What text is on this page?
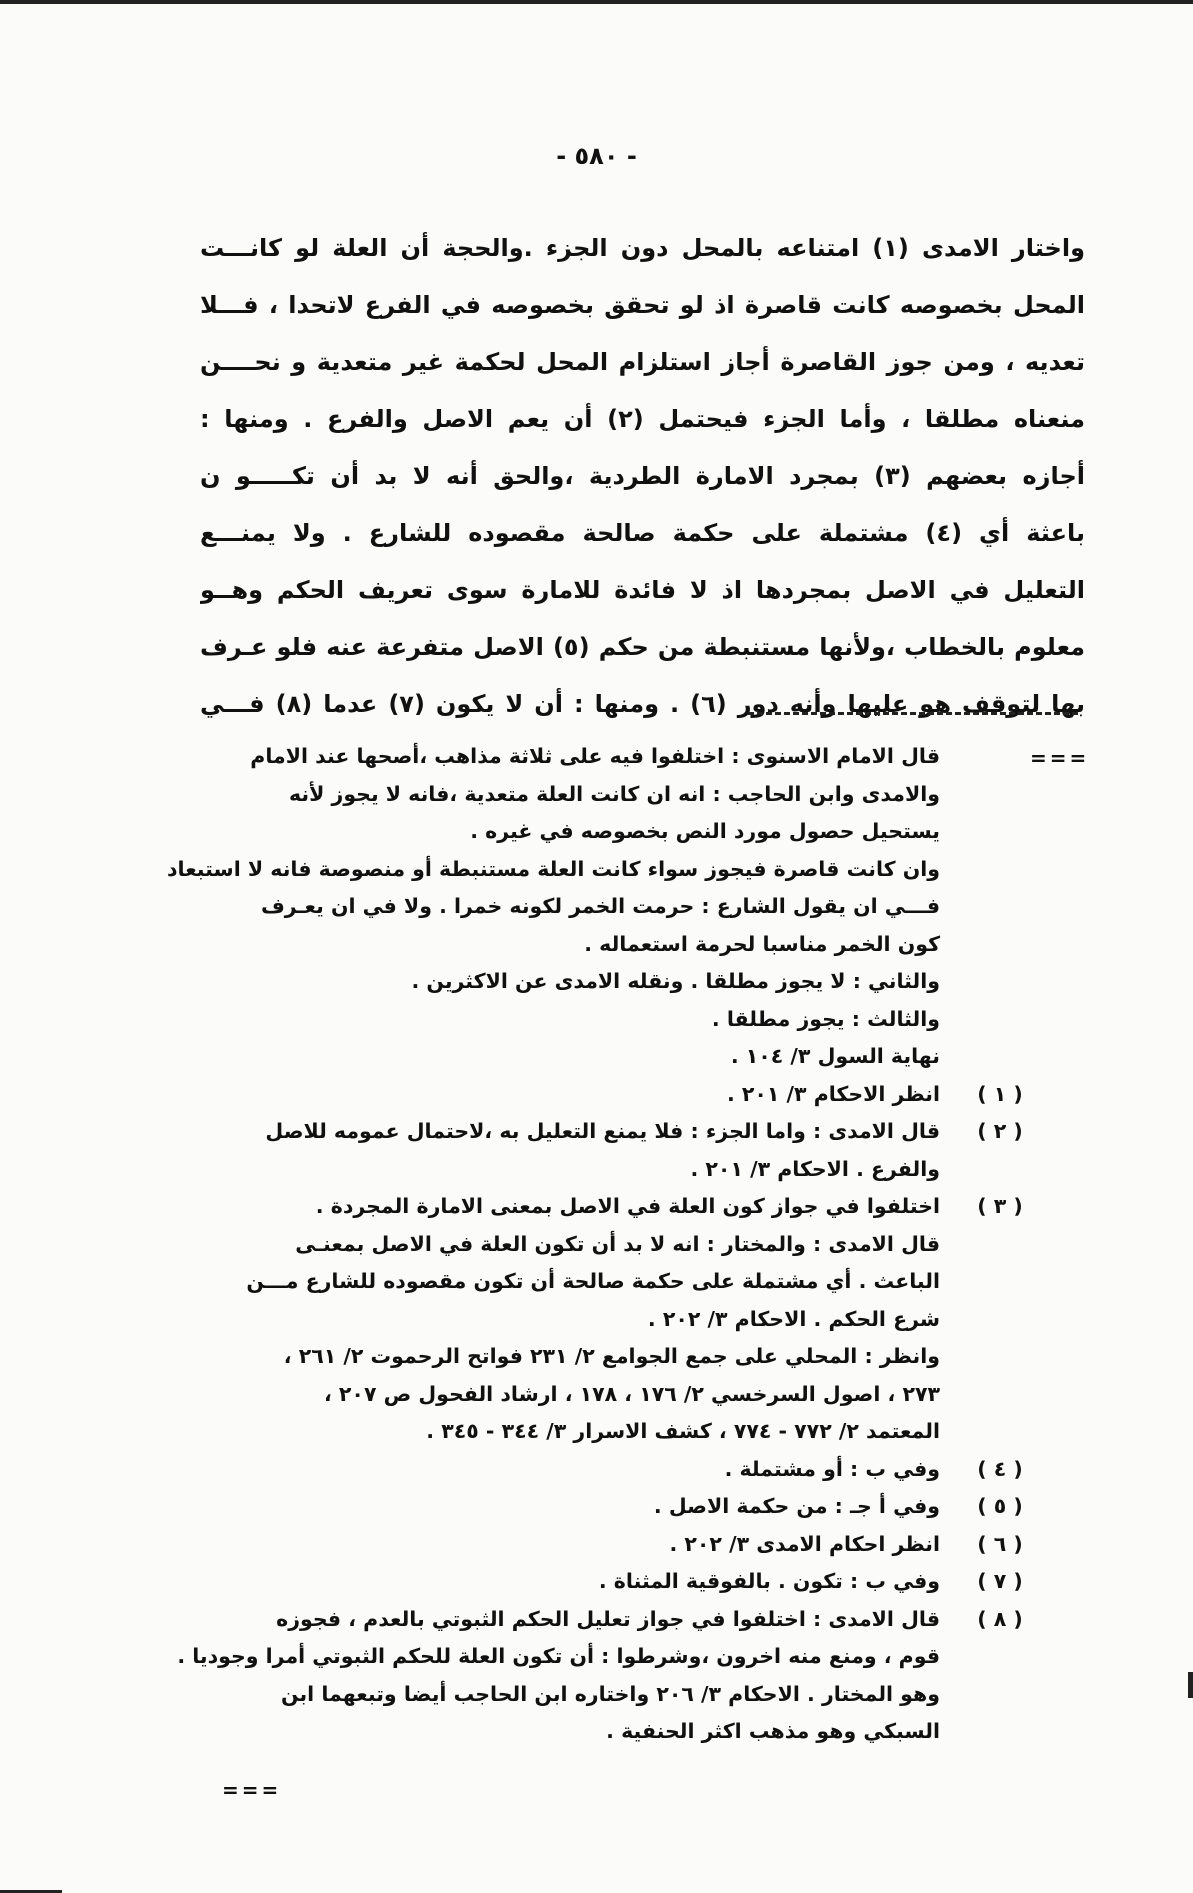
- ٥٨٠ -
واختار الامدى (١) امتناعه بالمحل دون الجزء .والحجة أن العلة لو كانـــت
المحل بخصوصه كانت قاصرة اذ لو تحقق بخصوصه في الفرع لاتحدا ، فـــلا
تعديه ، ومن جوز القاصرة أجاز استلزام المحل لحكمة غير متعدية و نحــــن
منعناه مطلقا ، وأما الجزء فيحتمل (٢) أن يعم الاصل والفرع . ومنها :
أجازه بعضهم (٣) بمجرد الامارة الطردية ،والحق أنه لا بد أن تكـــــو ن
باعثة أي (٤) مشتملة على حكمة صالحة مقصوده للشارع . ولا يمنـــع
التعليل في الاصل بمجردها اذ لا فائدة للامارة سوى تعريف الحكم وهــو
معلوم بالخطاب ،ولأنها مستنبطة من حكم (٥) الاصل متفرعة عنه فلو عـرف
بها لتوقف هو عليها وأنه دور (٦) . ومنها : أن لا يكون (٧) عدما (٨) فـــي
قال الامام الاسنوى : اختلفوا فيه على ثلاثة مذاهب ،أصحها عند الامام
والامدى وابن الحاجب : انه ان كانت العلة متعدية ،فانه لا يجوز لأنه
يستحيل حصول مورد النص بخصوصه في غيره .
وان كانت قاصرة فيجوز سواء كانت العلة مستنبطة أو منصوصة فانه لا استبعاد
فـــي ان يقول الشارع : حرمت الخمر لكونه خمرا . ولا في ان يعـرف
كون الخمر مناسبا لحرمة استعماله .
والثاني : لا يجوز مطلقا . ونقله الامدى عن الاكثرين .
والثالث : يجوز مطلقا .
نهاية السول ٣/ ١٠٤ .
( ١ )
انظر الاحكام ٣/ ٢٠١ .
( ٢ )
قال الامدى : واما الجزء : فلا يمنع التعليل به ،لاحتمال عمومه للاصل
والفرع . الاحكام ٣/ ٢٠١ .
( ٣ )
اختلفوا في جواز كون العلة في الاصل بمعنى الامارة المجردة .
قال الامدى : والمختار : انه لا بد أن تكون العلة في الاصل بمعنـى
الباعث . أي مشتملة على حكمة صالحة أن تكون مقصوده للشارع مـــن
شرع الحكم . الاحكام ٣/ ٢٠٢ .
وانظر : المحلي على جمع الجوامع ٢/ ٢٣١ فواتح الرحموت ٢/ ٢٦١ ،
٢٧٣ ، اصول السرخسي ٢/ ١٧٦ ، ١٧٨ ، ارشاد الفحول ص ٢٠٧ ،
المعتمد ٢/ ٧٧٢ - ٧٧٤ ، كشف الاسرار ٣/ ٣٤٤ - ٣٤٥ .
( ٤ )
وفي ب : أو مشتملة .
( ٥ )
وفي أ جـ : من حكمة الاصل .
( ٦ )
انظر احكام الامدى ٣/ ٢٠٢ .
( ٧ )
وفي ب : تكون . بالفوقية المثناة .
( ٨ )
قال الامدى : اختلفوا في جواز تعليل الحكم الثبوتي بالعدم ، فجوزه
قوم ، ومنع منه اخرون ،وشرطوا : أن تكون العلة للحكم الثبوتي أمرا وجوديا .
وهو المختار . الاحكام ٣/ ٢٠٦ واختاره ابن الحاجب أيضا وتبعهما ابن
السبكي وهو مذهب اكثر الحنفية .
===
===
